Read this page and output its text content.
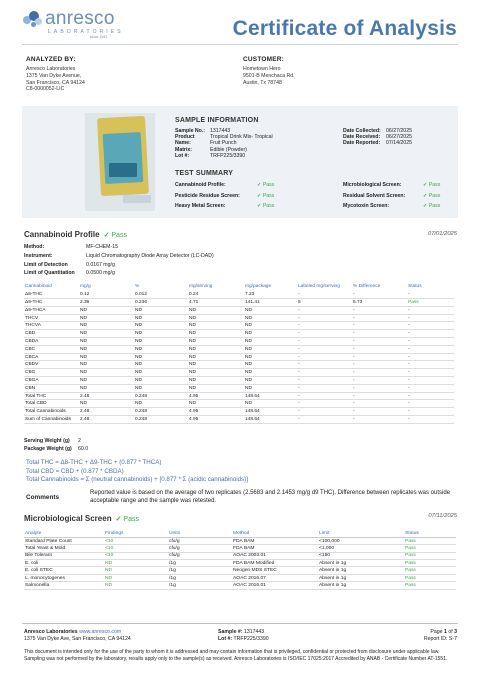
anresco
LABORATORIES
since 1943	Certificate of Analysis
ANALYZED BY:
Anresco Laboratories
1375 Van Dyke Avenue,
San Francisco, CA 94124
C8-0000052-LIC
CUSTOMER:
Hometown Hero
9501-B Menchaca Rd.
Austin, Tx 78748
SAMPLE INFORMATION
Sample No.: 1317443
Product	Tropical Drink Mix- Tropical
Name:	Fruit Punch
Matrix:	Edible (Powder)
Lot #:	TRFP225/3390
Date Collected:	06/27/2025
Date Received:	06/27/2025
Date Reported:	07/14/2025
TEST SUMMARY
Cannabinoid Profile:	✓ Pass
Pesticide Residue Screen:	✓ Pass
Heavy Metal Screen:	✓ Pass
Microbiological Screen:	✓ Pass
Residual Solvent Screen:	✓ Pass
Mycotoxin Screen:	✓ Pass
Cannabinoid Profile ✓ Pass	07/01/2025
Method:	MF-CHEM-15
Instrument:	Liquid Chromatography Diode Array Detector (LC-DAD)
Limit of Detection	0.0167 mg/g
Limit of Quantitation	0.0500 mg/g
Cannabinoid	mg/g	%	mg/serving	mg/package	Labeled mg/serving	% Difference	Status
Δ8-THC	0.12	0.012	0.24	7.23	-	-	-
Δ9-THC	2.36	0.236	4.71	141.41	5	5.73	Pass
Δ9-THCA	ND	ND	ND	ND	-	-	-
THCV	ND	ND	ND	ND	-	-	-
THCVA	ND	ND	ND	ND	-	-	-
CBD	ND	ND	ND	ND	-	-	-
CBDA	ND	ND	ND	ND	-	-	-
CBC	ND	ND	ND	ND	-	-	-
CBCA	ND	ND	ND	ND	-	-	-
CBDV	ND	ND	ND	ND	-	-	-
CBG	ND	ND	ND	ND	-	-	-
CBGA	ND	ND	ND	ND	-	-	-
CBN	ND	ND	ND	ND	-	-	-
Total THC	2.48	0.248	4.95	148.64	-	-	-
Total CBD	ND	ND	ND	ND	-	-	-
Total Cannabinoids	2.48	0.248	4.95	148.64	-	-	-
Sum of Cannabinoids	2.48	0.248	4.95	148.64	-	-	-
Serving Weight (g)	2
Package Weight (g)	60.0
Total THC = Δ8-THC + Δ9-THC + (0.877 * THCA)
Total CBD = CBD + (0.877 * CBDA)
Total Cannabinoids = Σ (neutral cannabinoids) + [0.877 * Σ (acidic cannabinoids)]
Comments
Reported value is based on the average of two replicates (2.5683 and 2.1453 mg/g d9 THC). Difference between replicates was outside acceptable range and the sample was retested.
Microbiological Screen ✓ Pass	07/11/2025
Analyte	Findings	Units	Method	Limit	Status
Standard Plate Count	<10	cfu/g	FDA BAM	<100,000	Pass
Total Yeast & Mold	<10	cfu/g	FDA BAM	<1,000	Pass
Bile Tolerant	<10	cfu/g	AOAC 2003.01	<150	Pass
E. coli	ND	/1g	FDA BAM Modified	Absent in 1g	Pass
E. coli STEC	ND	/1g	Neogen MDS STEC	Absent in 1g	Pass
L. monocytogenes	ND	/1g	AOAC 2016.07	Absent in 1g	Pass
Salmonella	ND	/1g	AOAC 2016.01	Absent in 1g	Pass
Anresco Laboratories www.anresco.com
1375 Van Dyke Ave, San Francisco, CA 94124
Sample #: 1317443
Lot #: TRFP225/3390
Page 1 of 3
Report ID: S-7
This document is intended only for the use of the party to whom it is addressed and may contain information that is privileged, confidential or protected from disclosure under applicable law. Sampling was not performed by the laboratory, results apply only to the sample(s) as received. Anresco Laboratories is ISO/IEC 17025:2017 Accredited by ANAB - Certificate Number AT-1551.
